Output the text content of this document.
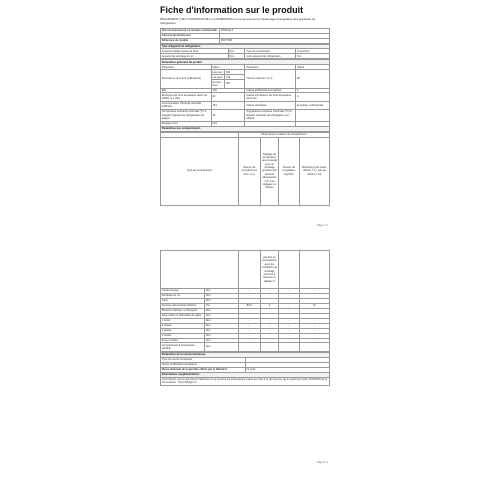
Fiche d'information sur le produit
RÈGLEMENT (UE) N 2019/2016 DE LA COMMISSION en ce qui concerne l'étiquetage énergétique des appareils de réfrigération
Nom du fournisseur ou marque commerciale	FRIDGE-X
Adresse du fournisseur	
Référence du modèle	RCFT180
Type d'appareil de réfrigération			
Appareil à faible niveau de bruit	Non	Type de construction	Luxes libre
Appareil de stockage du vin	Non	Autre appareil de réfrigération	Oui
Paramètres généraux du produit				
Paramètre	Valeur		Paramètre	Valeur
Dimensions hors tout (millimètres)	Hau-teur	841	Volume total (dm³ ou l)	80
	Lar-geur	974		
	Pro-fon-deur	667		
IEE	120		Classe d'efficacité énergétique	F
Émissions de bruit acoustique dans l'air (dB(A) re 1 pW)	43		Classe d'émissions de bruit acoustique dans l'air	C
Consommation d'énergie annuelle (kWh/an)	181		Classe climatique	tempérée, subtropicale
Température ambiante minimale (°C) à laquelle l'appareil de réfrigération est adapté	16		Température ambiante maximale (°C) à laquelle l'appareil de réfrigération est adapté	
Réglage hiver	Non			
Paramètres des compartiments				
	Paramètres et valeurs de compartiment			
Type de compartiment	Volume de compartiment (dm³ ou l)	Réglage de température recommandé pour un stockage optimisé des denrées alimentaires (°C) Ces réglages ne doivent	Pouvoir de congélation (kg/24h)	Defrosting type (auto-defrost = A, manual defrost = M)
Page 1 / 2
			pas être en contradiction avec les conditions de stockage prévues à l'annexe IV, tableau 3		
Garde-manger	Non	-	-	-	-
Stockage du vin	Non	-	-	-	-
Cave	Non	-	-	-	-
Denrées alimentaires fraîches	Oui	80.0	4	-	M
Boissons fraîches / prolongées	Non	-	-	-	-
Sans étoile ou fabrication de glace	Non	-	-	-	-
1 étoile	Non	-	-	-	-
2 étoiles	Non	-	-	-	-
3 étoiles	Non	-	-	-	-
4 étoiles	Non	-	-	-	-
Zone 2 étoiles	Non	-	-	-	-
Compartiment à température variable	Non	-	-	-	-
Paramètres de la source lumineuse	
Type de source lumineuse	
Classe d'efficacité énergétique	
Durée minimale de la garantie offerte par le fabricant:	12 mois
Informations supplémentaires:	
Lien Internet vers le site web du fabricant où se trouvent les informations visées au point 4 a) de l'annexe de du règlement (UE) 2019/2019 de la Commission : https://fridgex.fr/	
Page 2 / 2
